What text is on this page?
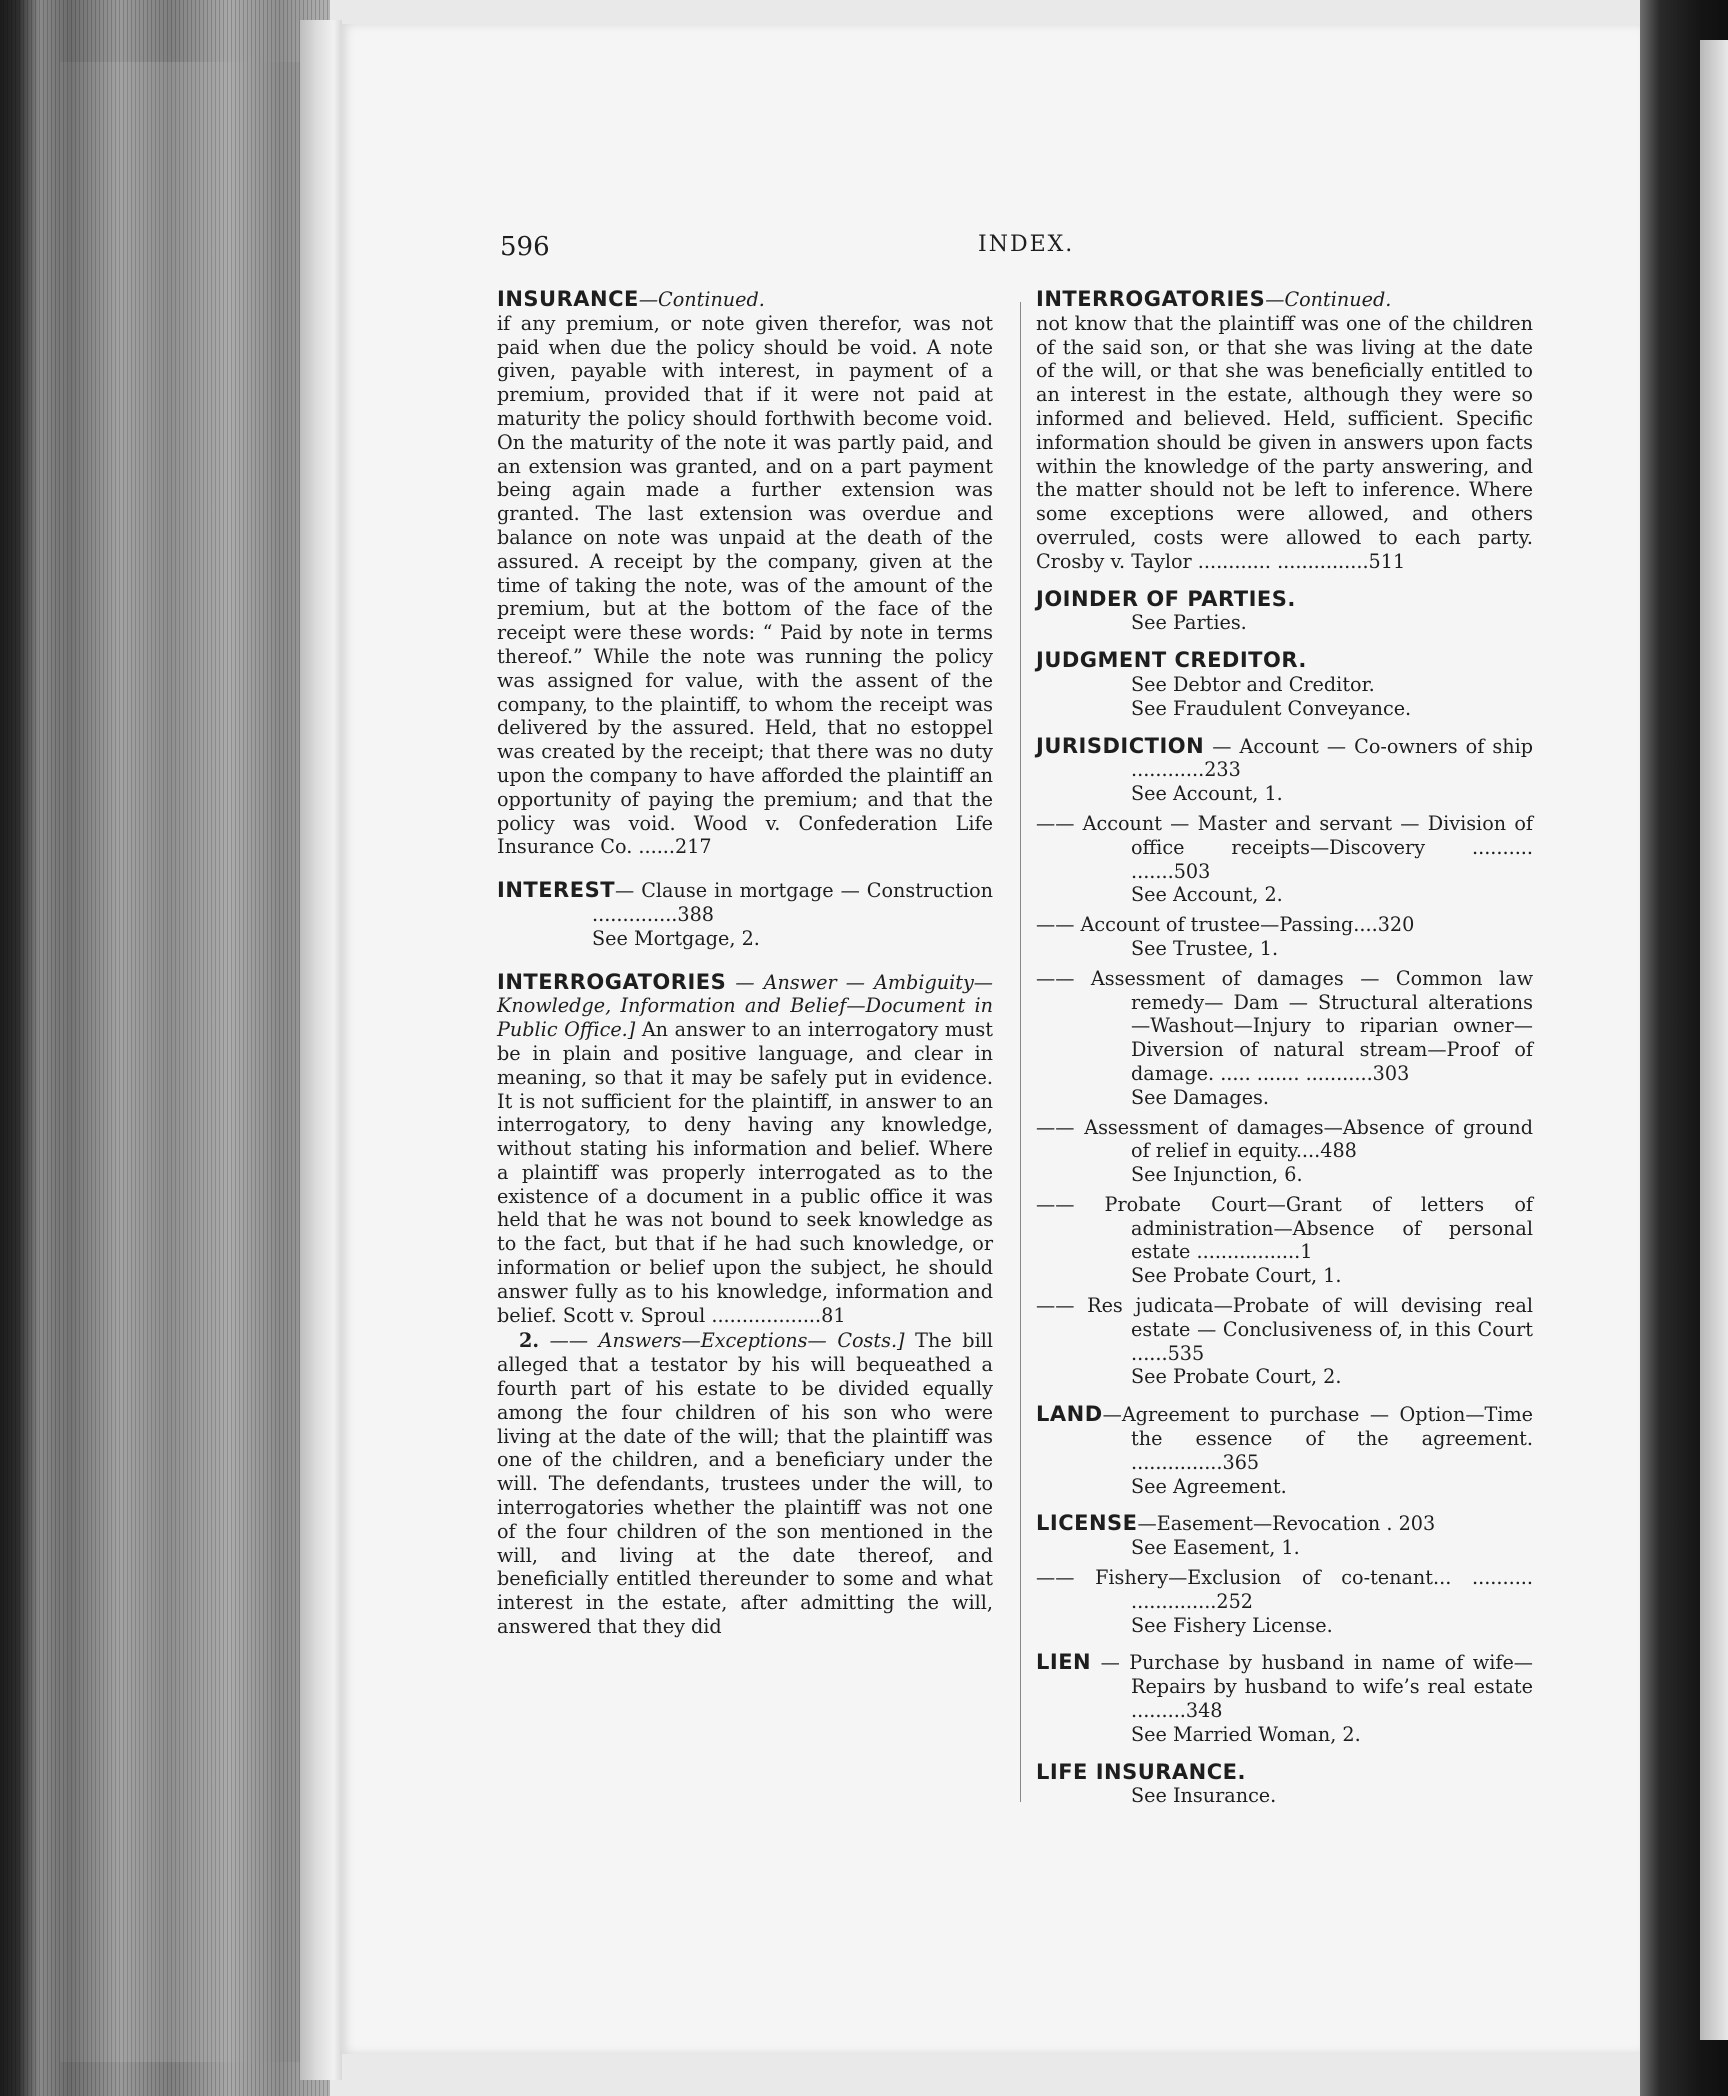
596	INDEX.

INSURANCE—Continued.

if any premium, or note given therefor, was not paid when due the policy should be void. A note given, payable with interest, in payment of a premium, provided that if it were not paid at maturity the policy should forthwith become void. On the maturity of the note it was partly paid, and an extension was granted, and on a part payment being again made a further extension was granted. The last extension was overdue and balance on note was unpaid at the death of the assured. A receipt by the company, given at the time of taking the note, was of the amount of the premium, but at the bottom of the face of the receipt were these words: “ Paid by note in terms thereof.” While the note was running the policy was assigned for value, with the assent of the company, to the plaintiff, to whom the receipt was delivered by the assured. Held, that no estoppel was created by the receipt; that there was no duty upon the company to have afforded the plaintiff an opportunity of paying the premium; and that the policy was void. Wood v. Confederation Life Insurance Co. ......217

INTEREST— Clause in mortgage — Construction ..............388

See Mortgage, 2.

INTERROGATORIES — Answer — Ambiguity—Knowledge, Information and Belief—Document in Public Office.] An answer to an interrogatory must be in plain and positive language, and clear in meaning, so that it may be safely put in evidence. It is not sufficient for the plaintiff, in answer to an interrogatory, to deny having any knowledge, without stating his information and belief. Where a plaintiff was properly interrogated as to the existence of a document in a public office it was held that he was not bound to seek knowledge as to the fact, but that if he had such knowledge, or information or belief upon the subject, he should answer fully as to his knowledge, information and belief. Scott v. Sproul ..................81

2. —— Answers—Exceptions— Costs.] The bill alleged that a testator by his will bequeathed a fourth part of his estate to be divided equally among the four children of his son who were living at the date of the will; that the plaintiff was one of the children, and a beneficiary under the will. The defendants, trustees under the will, to interrogatories whether the plaintiff was not one of the four children of the son mentioned in the will, and living at the date thereof, and beneficially entitled thereunder to some and what interest in the estate, after admitting the will, answered that they did

INTERROGATORIES—Continued.

not know that the plaintiff was one of the children of the said son, or that she was living at the date of the will, or that she was beneficially entitled to an interest in the estate, although they were so informed and believed. Held, sufficient. Specific information should be given in answers upon facts within the knowledge of the party answering, and the matter should not be left to inference. Where some exceptions were allowed, and others overruled, costs were allowed to each party. Crosby v. Taylor ............ ...............511

JOINDER OF PARTIES.

See Parties.

JUDGMENT CREDITOR.

See Debtor and Creditor.

See Fraudulent Conveyance.

JURISDICTION — Account — Co-owners of ship ............233

See Account, 1.

—— Account — Master and servant — Division of office receipts—Discovery .......... .......503

See Account, 2.

—— Account of trustee—Passing....320

See Trustee, 1.

—— Assessment of damages — Common law remedy— Dam — Structural alterations—Washout—Injury to riparian owner—Diversion of natural stream—Proof of damage. ..... ....... ...........303

See Damages.

—— Assessment of damages—Absence of ground of relief in equity....488

See Injunction, 6.

—— Probate Court—Grant of letters of administration—Absence of personal estate .................1

See Probate Court, 1.

—— Res judicata—Probate of will devising real estate — Conclusiveness of, in this Court ......535

See Probate Court, 2.

LAND—Agreement to purchase — Option—Time the essence of the agreement. ...............365

See Agreement.

LICENSE—Easement—Revocation . 203

See Easement, 1.

—— Fishery—Exclusion of co-tenant... .......... ..............252

See Fishery License.

LIEN — Purchase by husband in name of wife—Repairs by husband to wife’s real estate .........348

See Married Woman, 2.

LIFE INSURANCE.

See Insurance.
